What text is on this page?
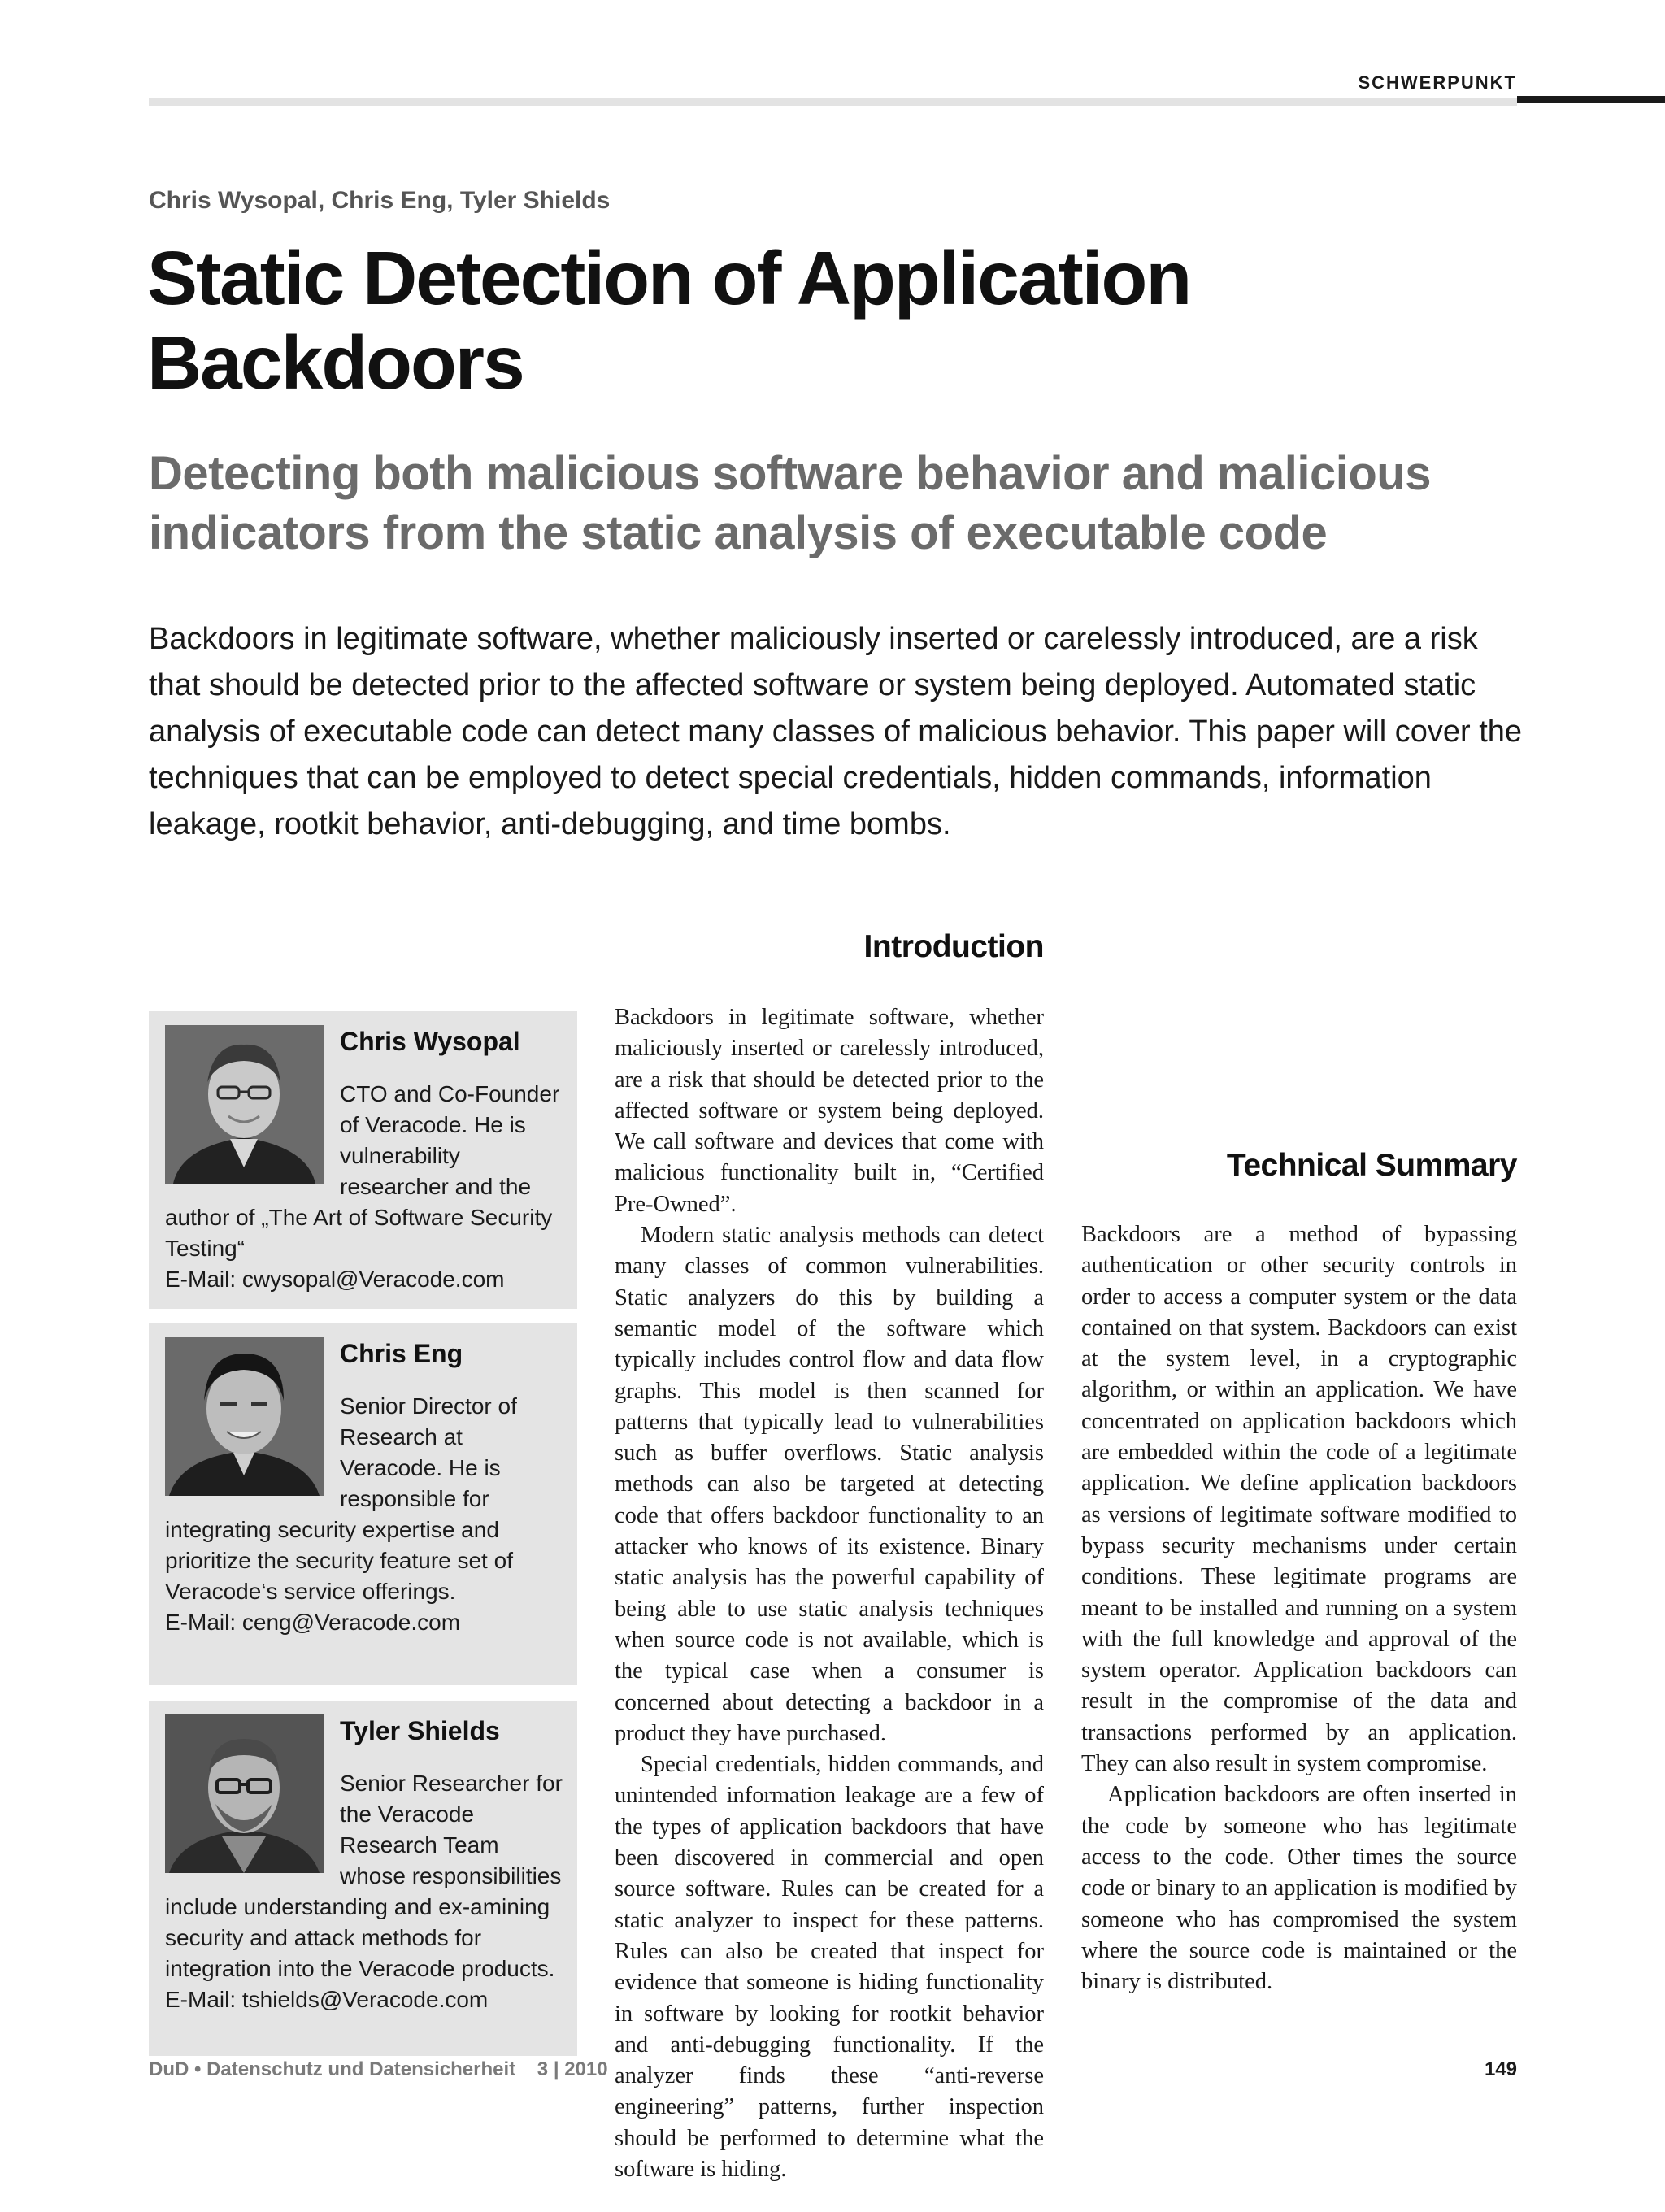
SCHWERPUNKT
Chris Wysopal, Chris Eng, Tyler Shields
Static Detection of Application
Backdoors
Detecting both malicious software behavior and malicious
indicators from the static analysis of executable code

Backdoors in legitimate software, whether maliciously inserted or carelessly introduced, are a risk that should be detected prior to the affected software or system being deployed. Automated static analysis of executable code can detect many classes of malicious behavior. This paper will cover the techniques that can be employed to detect special credentials, hidden commands, information leakage, rootkit behavior, anti-debugging, and time bombs.

Chris Wysopal
CTO and Co-Founder of Veracode. He is vulnerability researcher and the author of „The Art of Software Security Testing“
E-Mail: cwysopal@Veracode.com
Chris Eng
Senior Director of Research at Veracode. He is responsible for integrating security expertise and prioritize the security feature set of Veracode‘s service offerings.
E-Mail: ceng@Veracode.com
Tyler Shields
Senior Researcher for the Veracode Research Team whose responsibilities include understanding and ex-amining security and attack methods for integration into the Veracode products.
E-Mail: tshields@Veracode.com
Introduction

Backdoors in legitimate software, whether maliciously inserted or carelessly introduced, are a risk that should be detected prior to the affected software or system being deployed. We call software and devices that come with malicious functionality built in, “Certified Pre-Owned”.

Modern static analysis methods can detect many classes of common vulnerabilities. Static analyzers do this by building a semantic model of the software which typically includes control flow and data flow graphs. This model is then scanned for patterns that typically lead to vulnerabilities such as buffer overflows. Static analysis methods can also be targeted at detecting code that offers backdoor functionality to an attacker who knows of its existence. Binary static analysis has the powerful capability of being able to use static analysis techniques when source code is not available, which is the typical case when a consumer is concerned about detecting a backdoor in a product they have purchased.

Special credentials, hidden commands, and unintended information leakage are a few of the types of application backdoors that have been discovered in commercial and open source software. Rules can be created for a static analyzer to inspect for these patterns. Rules can also be created that inspect for evidence that someone is hiding functionality in software by looking for rootkit behavior and anti-debugging functionality. If the analyzer finds these “anti-reverse engineering” patterns, further inspection should be performed to determine what the software is hiding.

Technical Summary

Backdoors are a method of bypassing authentication or other security controls in order to access a computer system or the data contained on that system. Backdoors can exist at the system level, in a cryptographic algorithm, or within an application. We have concentrated on application backdoors which are embedded within the code of a legitimate application. We define application backdoors as versions of legitimate software modified to bypass security mechanisms under certain conditions. These legitimate programs are meant to be installed and running on a system with the full knowledge and approval of the system operator. Application backdoors can result in the compromise of the data and transactions performed by an application. They can also result in system compromise.

Application backdoors are often inserted in the code by someone who has legitimate access to the code. Other times the source code or binary to an application is modified by someone who has compromised the system where the source code is maintained or the binary is distributed.

DuD • Datenschutz und Datensicherheit 3 | 2010	149
